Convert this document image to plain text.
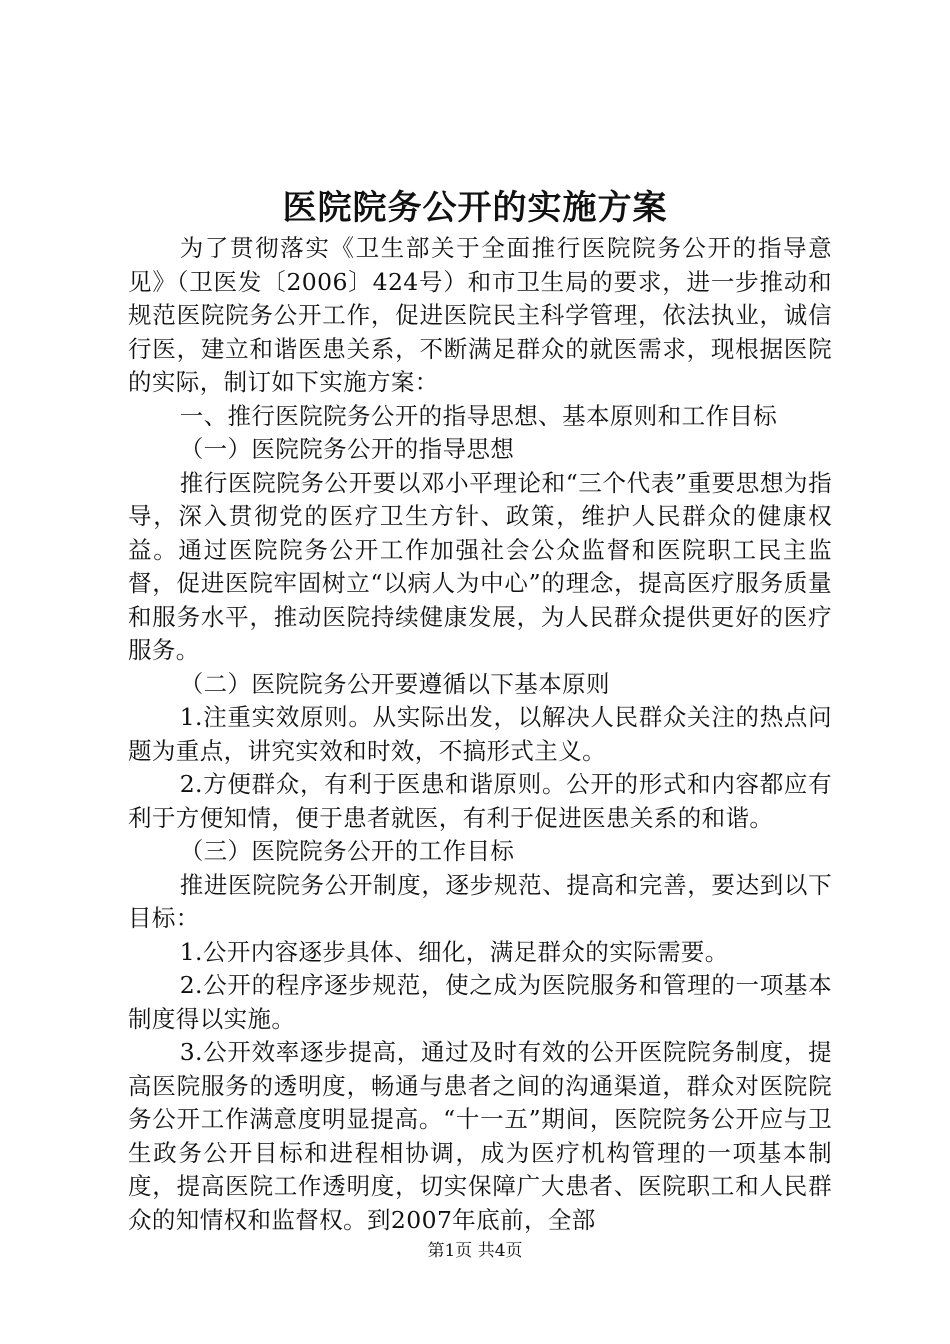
医院院务公开的实施方案

为了贯彻落实《卫生部关于全面推行医院院务公开的指导意见》（卫医发〔2006〕424号）和市卫生局的要求，进一步推动和规范医院院务公开工作，促进医院民主科学管理，依法执业，诚信行医，建立和谐医患关系，不断满足群众的就医需求，现根据医院的实际，制订如下实施方案：

一、推行医院院务公开的指导思想、基本原则和工作目标

（一）医院院务公开的指导思想

推行医院院务公开要以邓小平理论和“三个代表”重要思想为指导，深入贯彻党的医疗卫生方针、政策，维护人民群众的健康权益。通过医院院务公开工作加强社会公众监督和医院职工民主监督，促进医院牢固树立“以病人为中心”的理念，提高医疗服务质量和服务水平，推动医院持续健康发展，为人民群众提供更好的医疗服务。

（二）医院院务公开要遵循以下基本原则

1.注重实效原则。从实际出发，以解决人民群众关注的热点问题为重点，讲究实效和时效，不搞形式主义。

2.方便群众，有利于医患和谐原则。公开的形式和内容都应有利于方便知情，便于患者就医，有利于促进医患关系的和谐。

（三）医院院务公开的工作目标

推进医院院务公开制度，逐步规范、提高和完善，要达到以下目标：

1.公开内容逐步具体、细化，满足群众的实际需要。

2.公开的程序逐步规范，使之成为医院服务和管理的一项基本制度得以实施。

3.公开效率逐步提高，通过及时有效的公开医院院务制度，提高医院服务的透明度，畅通与患者之间的沟通渠道，群众对医院院务公开工作满意度明显提高。“十一五”期间，医院院务公开应与卫生政务公开目标和进程相协调，成为医疗机构管理的一项基本制度，提高医院工作透明度，切实保障广大患者、医院职工和人民群众的知情权和监督权。到2007年底前，全部

第1页 共4页
